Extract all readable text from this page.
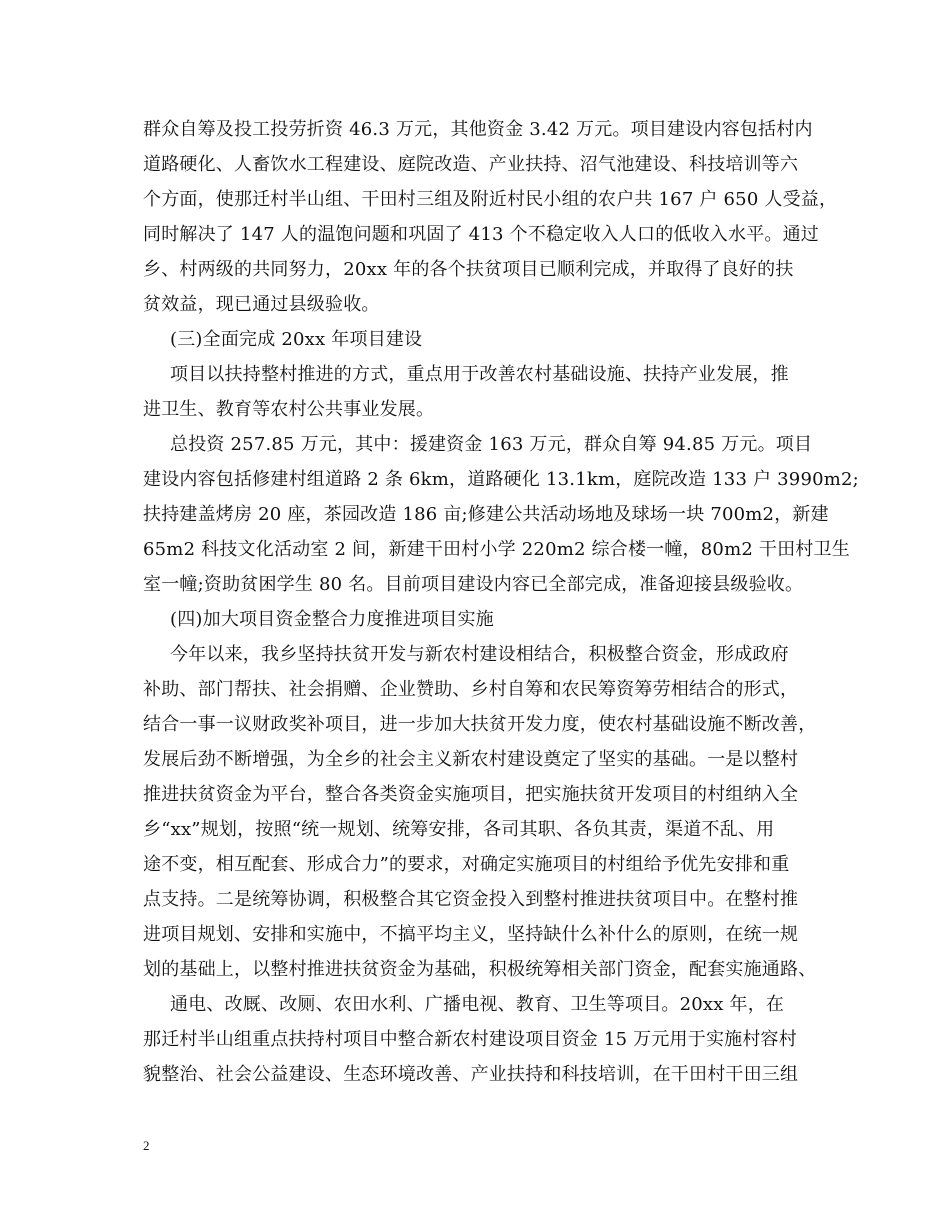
群众自筹及投工投劳折资 46.3 万元，其他资金 3.42 万元。项目建设内容包括村内
道路硬化、人畜饮水工程建设、庭院改造、产业扶持、沼气池建设、科技培训等六
个方面，使那迁村半山组、干田村三组及附近村民小组的农户共 167 户 650 人受益，
同时解决了 147 人的温饱问题和巩固了 413 个不稳定收入人口的低收入水平。通过
乡、村两级的共同努力，20xx 年的各个扶贫项目已顺利完成，并取得了良好的扶
贫效益，现已通过县级验收。
(三)全面完成 20xx 年项目建设
项目以扶持整村推进的方式，重点用于改善农村基础设施、扶持产业发展，推
进卫生、教育等农村公共事业发展。
总投资 257.85 万元，其中：援建资金 163 万元，群众自筹 94.85 万元。项目
建设内容包括修建村组道路 2 条 6km，道路硬化 13.1km，庭院改造 133 户 3990m2;
扶持建盖烤房 20 座，茶园改造 186 亩;修建公共活动场地及球场一块 700m2，新建
65m2 科技文化活动室 2 间，新建干田村小学 220m2 综合楼一幢，80m2 干田村卫生
室一幢;资助贫困学生 80 名。目前项目建设内容已全部完成，准备迎接县级验收。
(四)加大项目资金整合力度推进项目实施
今年以来，我乡坚持扶贫开发与新农村建设相结合，积极整合资金，形成政府
补助、部门帮扶、社会捐赠、企业赞助、乡村自筹和农民筹资筹劳相结合的形式，
结合一事一议财政奖补项目，进一步加大扶贫开发力度，使农村基础设施不断改善，
发展后劲不断增强，为全乡的社会主义新农村建设奠定了坚实的基础。一是以整村
推进扶贫资金为平台，整合各类资金实施项目，把实施扶贫开发项目的村组纳入全
乡“xx”规划，按照“统一规划、统筹安排，各司其职、各负其责，渠道不乱、用
途不变，相互配套、形成合力”的要求，对确定实施项目的村组给予优先安排和重
点支持。二是统筹协调，积极整合其它资金投入到整村推进扶贫项目中。在整村推
进项目规划、安排和实施中，不搞平均主义，坚持缺什么补什么的原则，在统一规
划的基础上，以整村推进扶贫资金为基础，积极统筹相关部门资金，配套实施通路、
通电、改厩、改厕、农田水利、广播电视、教育、卫生等项目。20xx 年，在
那迁村半山组重点扶持村项目中整合新农村建设项目资金 15 万元用于实施村容村
貌整治、社会公益建设、生态环境改善、产业扶持和科技培训，在干田村干田三组
2
